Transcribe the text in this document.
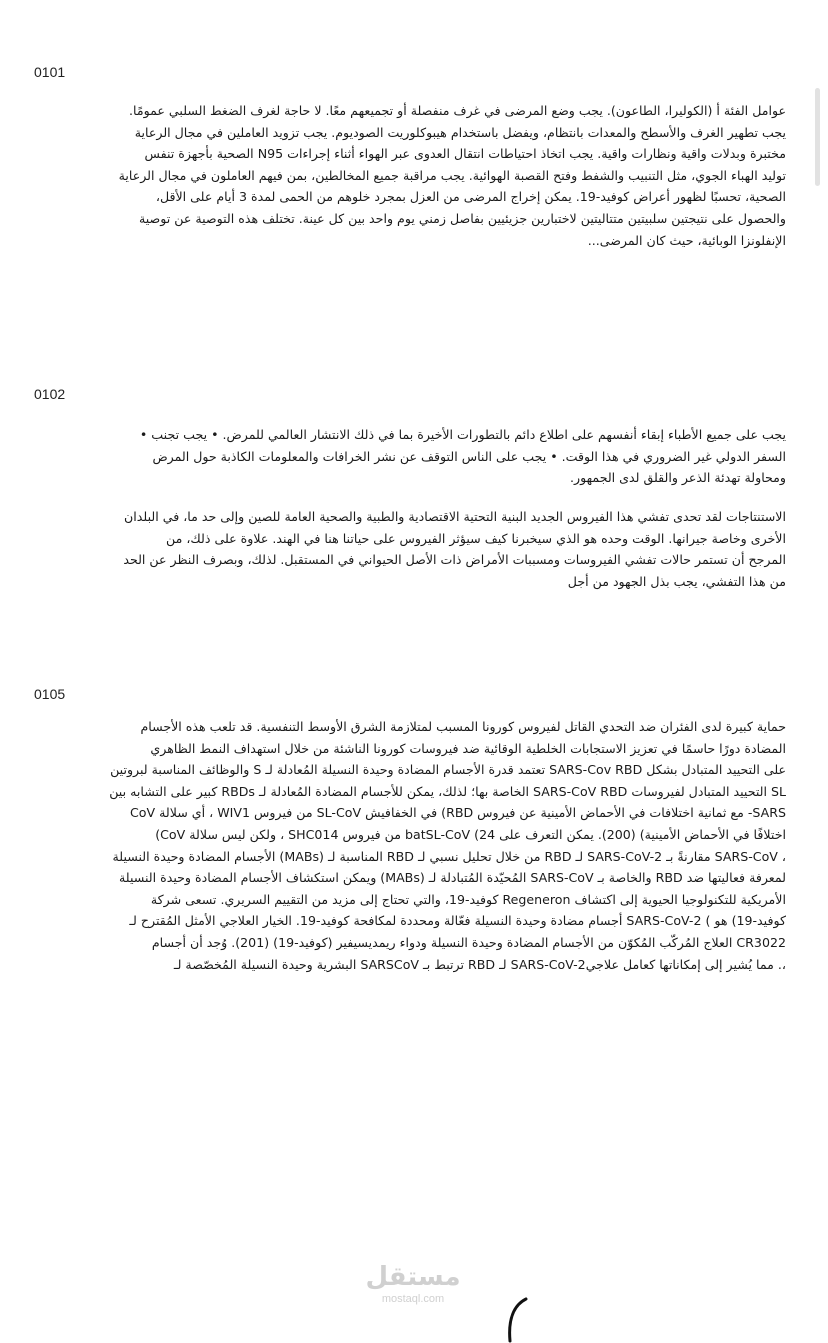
0101
عوامل الفئة أ (الكوليرا، الطاعون). يجب وضع المرضى في غرف منفصلة أو تجميعهم معًا. لا حاجة لغرف الضغط السلبي عمومًا.
يجب تطهير الغرف والأسطح والمعدات بانتظام، ويفضل باستخدام هيبوكلوريت الصوديوم. يجب تزويد العاملين في مجال الرعاية
مختبرة وبدلات واقية ونظارات واقية. يجب اتخاذ احتياطات انتقال العدوى عبر الهواء أثناء إجراءات N95 الصحية بأجهزة تنفس
توليد الهباء الجوي، مثل التنبيب والشفط وفتح القصبة الهوائية. يجب مراقبة جميع المخالطين، بمن فيهم العاملون في مجال الرعاية
الصحية، تحسبًا لظهور أعراض كوفيد-19. يمكن إخراج المرضى من العزل بمجرد خلوهم من الحمى لمدة 3 أيام على الأقل،
والحصول على نتيجتين سلبيتين متتاليتين لاختبارين جزيئيين بفاصل زمني يوم واحد بين كل عينة. تختلف هذه التوصية عن توصية
الإنفلونزا الوبائية، حيث كان المرضى...
0102
يجب على جميع الأطباء إبقاء أنفسهم على اطلاع دائم بالتطورات الأخيرة بما في ذلك الانتشار العالمي للمرض. • يجب تجنب •
السفر الدولي غير الضروري في هذا الوقت. • يجب على الناس التوقف عن نشر الخرافات والمعلومات الكاذبة حول المرض
ومحاولة تهدئة الذعر والقلق لدى الجمهور.
الاستنتاجات لقد تحدى تفشي هذا الفيروس الجديد البنية التحتية الاقتصادية والطبية والصحية العامة للصين وإلى حد ما، في البلدان
الأخرى وخاصة جيرانها. الوقت وحده هو الذي سيخبرنا كيف سيؤثر الفيروس على حياتنا هنا في الهند. علاوة على ذلك، من
المرجح أن تستمر حالات تفشي الفيروسات ومسببات الأمراض ذات الأصل الحيواني في المستقبل. لذلك، وبصرف النظر عن الحد
من هذا التفشي، يجب بذل الجهود من أجل
0105
حماية كبيرة لدى الفئران ضد التحدي القاتل لفيروس كورونا المسبب لمتلازمة الشرق الأوسط التنفسية. قد تلعب هذه الأجسام
المضادة دورًا حاسمًا في تعزيز الاستجابات الخلطية الوقائية ضد فيروسات كورونا الناشئة من خلال استهداف النمط الظاهري
على التحييد المتبادل بشكل SARS-Cov RBD تعتمد قدرة الأجسام المضادة وحيدة النسيلة المُعادلة لـ S والوظائف المناسبة لبروتين
SL التحييد المتبادل لفيروسات SARS-CoV RBD الخاصة بها؛ لذلك، يمكن للأجسام المضادة المُعادلة لـ RBDs كبير على التشابه بين
SARS- مع ثمانية اختلافات في الأحماض الأمينية عن فيروس RBD) في الخفافيش SL-CoV من فيروس WIV1 ، أي سلالة CoV
اختلافًا في الأحماض الأمينية) (200). يمكن التعرف على 24) batSL-CoV من فيروس SHC014 ، ولكن ليس سلالة CoV)
، SARS-CoV مقارنةً بـ SARS-CoV-2 لـ RBD من خلال تحليل نسبي لـ RBD المناسبة لـ (MABs) الأجسام المضادة وحيدة النسيلة
لمعرفة فعاليتها ضد RBD والخاصة بـ SARS-CoV المُحيّدة المُتبادلة لـ (MABs) ويمكن استكشاف الأجسام المضادة وحيدة النسيلة
الأمريكية للتكنولوجيا الحيوية إلى اكتشاف Regeneron كوفيد-19، والتي تحتاج إلى مزيد من التقييم السريري. تسعى شركة
كوفيد-19) هو ) SARS-CoV-2 أجسام مضادة وحيدة النسيلة فعّالة ومحددة لمكافحة كوفيد-19. الخيار العلاجي الأمثل المُقترح لـ
CR3022 العلاج المُركّب المُكوّن من الأجسام المضادة وحيدة النسيلة ودواء ريمديسيفير (كوفيد-19) (201). وُجد أن أجسام
،. مما يُشير إلى إمكاناتها كعامل علاجيSARS-CoV-2 لـ RBD ترتبط بـ SARSCoV البشرية وحيدة النسيلة المُخصّصة لـ
مستقل
mostaql.com
